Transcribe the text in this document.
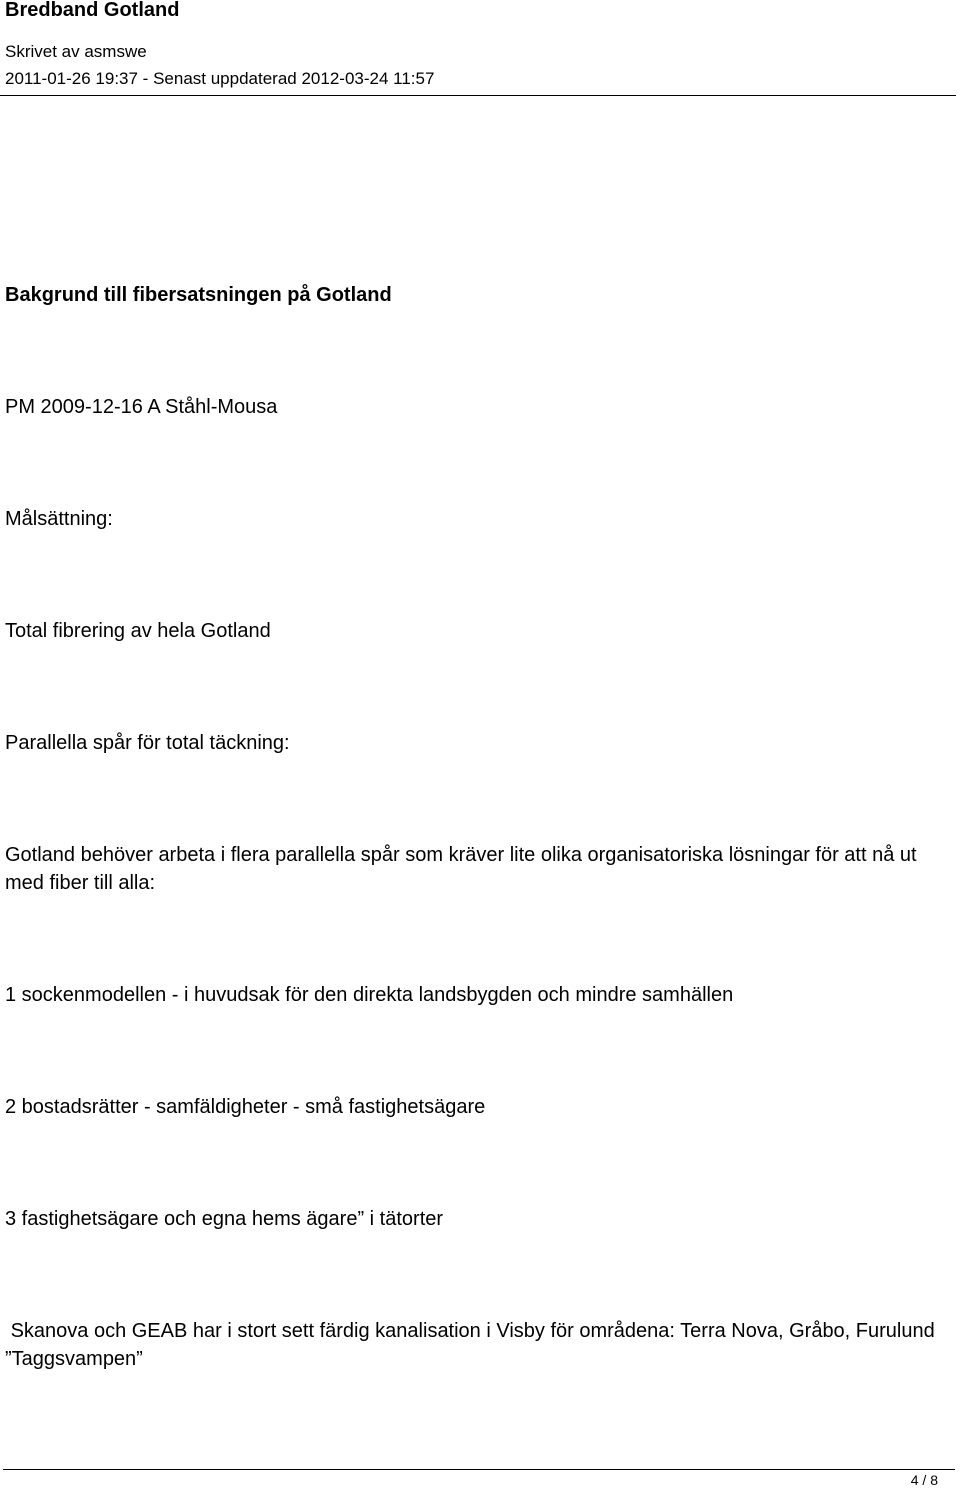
Bredband Gotland
Skrivet av asmswe
2011-01-26 19:37 - Senast uppdaterad 2012-03-24 11:57
Bakgrund till fibersatsningen på Gotland
PM 2009-12-16 A Ståhl-Mousa
Målsättning:
Total fibrering av hela Gotland
Parallella spår för total täckning:
Gotland behöver arbeta i flera parallella spår som kräver lite olika organisatoriska lösningar för att nå ut med fiber till alla:
1 sockenmodellen - i huvudsak för den direkta landsbygden och mindre samhällen
2 bostadsrätter - samfäldigheter - små fastighetsägare
3 fastighetsägare och egna hems ägare” i tätorter
Skanova och GEAB har i stort sett färdig kanalisation i Visby för områdena: Terra Nova, Gråbo, Furulund ”Taggsvampen”
4 / 8
